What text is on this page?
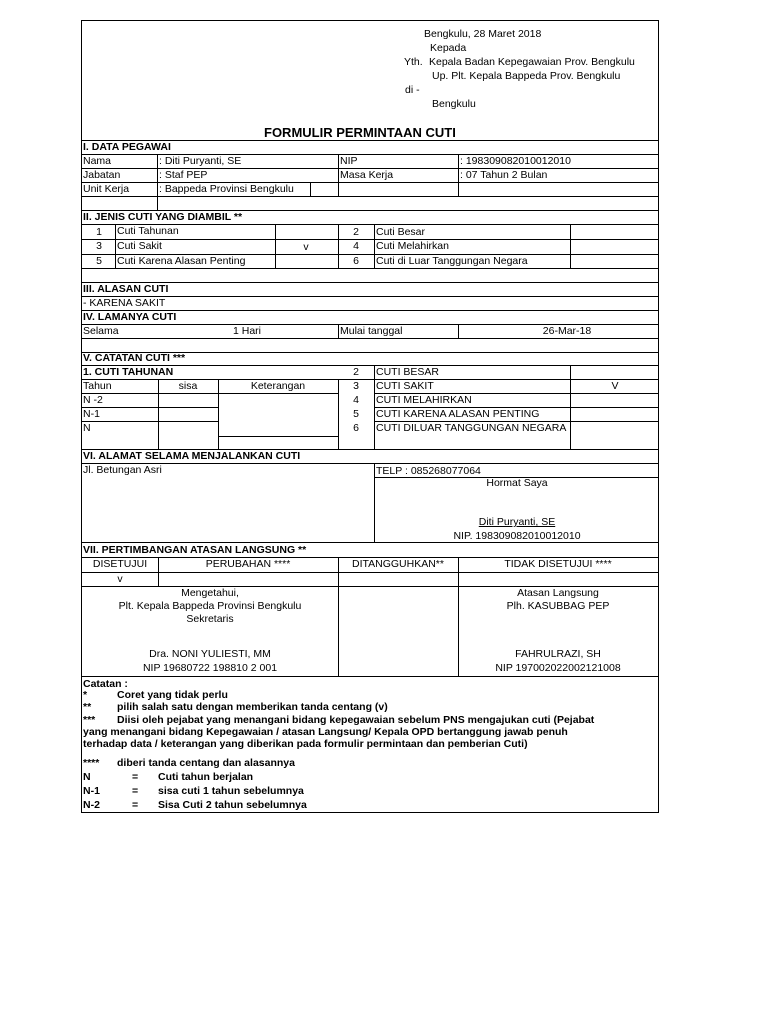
Bengkulu, 28 Maret 2018
Kepada
Yth. Kepala Badan Kepegawaian Prov. Bengkulu
Up. Plt. Kepala Bappeda Prov. Bengkulu
di -
Bengkulu
FORMULIR PERMINTAAN CUTI
I. DATA PEGAWAI
Nama	: Diti Puryanti, SE	NIP	: 198309082010012010
Jabatan	: Staf PEP	Masa Kerja	: 07 Tahun 2 Bulan
Unit Kerja	: Bappeda Provinsi Bengkulu
II. JENIS CUTI YANG DIAMBIL **
1	Cuti Tahunan	2	Cuti Besar
3	Cuti Sakit	v	4	Cuti Melahirkan
5	Cuti Karena Alasan Penting	6	Cuti di Luar Tanggungan Negara
III. ALASAN CUTI
- KARENA SAKIT
IV. LAMANYA CUTI
Selama	1 Hari	Mulai tanggal	26-Mar-18
V. CATATAN CUTI ***
1. CUTI TAHUNAN
Tahun	sisa	Keterangan
N -2
N-1
N
2	CUTI BESAR
3	CUTI SAKIT	V
4	CUTI MELAHIRKAN
5	CUTI KARENA ALASAN PENTING
6	CUTI DILUAR TANGGUNGAN NEGARA
VI. ALAMAT SELAMA MENJALANKAN CUTI
Jl. Betungan Asri	TELP : 085268077064
Hormat Saya
Diti Puryanti, SE
NIP. 198309082010012010
VII. PERTIMBANGAN ATASAN LANGSUNG **
DISETUJUI	PERUBAHAN ****	DITANGGUHKAN**	TIDAK DISETUJUI ****
v
Mengetahui,
Plt. Kepala Bappeda Provinsi Bengkulu
Sekretaris
Dra. NONI YULIESTI, MM
NIP 19680722 198810 2 001
Atasan Langsung
Plh. KASUBBAG PEP
FAHRULRAZI, SH
NIP 197002022002121008
Catatan :
*	Coret yang tidak perlu
** pilih salah satu dengan memberikan tanda centang (v)
*** Diisi oleh pejabat yang menangani bidang kepegawaian sebelum PNS mengajukan cuti (Pejabat
yang menangani bidang Kepegawaian / atasan Langsung/ Kepala OPD bertanggung jawab penuh
terhadap data / keterangan yang diberikan pada formulir permintaan dan pemberian Cuti)
**** diberi tanda centang dan alasannya
N	= Cuti tahun berjalan
N-1	= sisa cuti 1 tahun sebelumnya
N-2	= Sisa Cuti 2 tahun sebelumnya
